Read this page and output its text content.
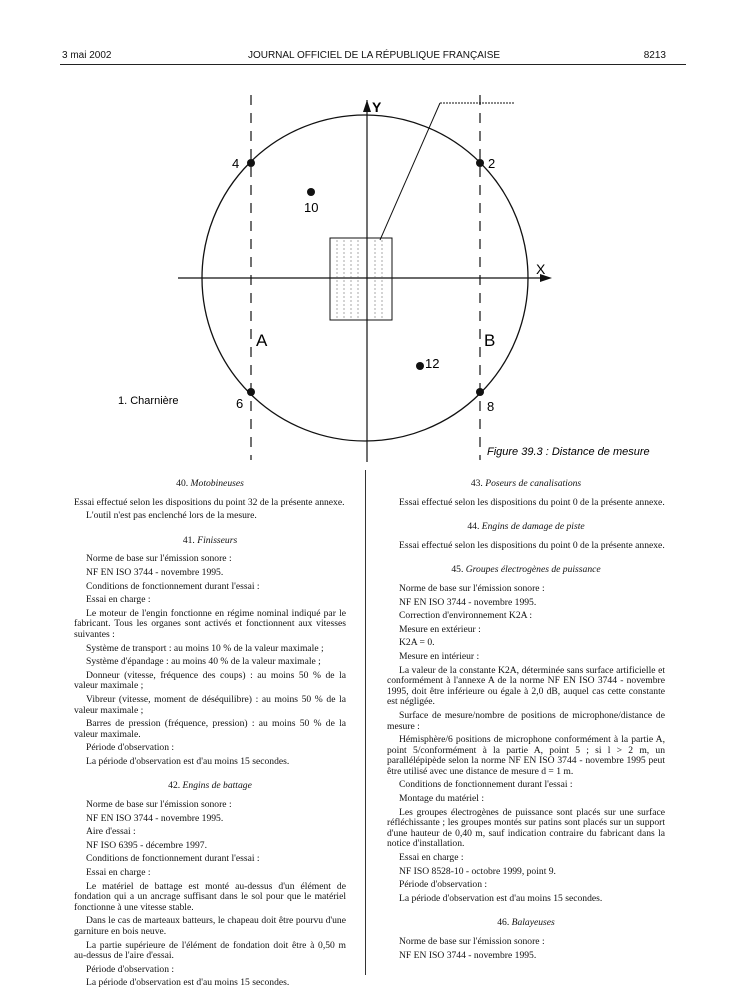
3 mai 2002	JOURNAL OFFICIEL DE LA RÉPUBLIQUE FRANÇAISE	8213
Y
X
4	2
10
6	8
12
A	B
1. Charnière
Figure 39.3 : Distance de mesure
40. Motobineuses

Essai effectué selon les dispositions du point 32 de la présente annexe.

L'outil n'est pas enclenché lors de la mesure.

41. Finisseurs

Norme de base sur l'émission sonore :

NF EN ISO 3744 - novembre 1995.

Conditions de fonctionnement durant l'essai :

Essai en charge :

Le moteur de l'engin fonctionne en régime nominal indiqué par le fabricant. Tous les organes sont activés et fonctionnent aux vitesses suivantes :

Système de transport : au moins 10 % de la valeur maximale ;

Système d'épandage : au moins 40 % de la valeur maximale ;

Donneur (vitesse, fréquence des coups) : au moins 50 % de la valeur maximale ;

Vibreur (vitesse, moment de déséquilibre) : au moins 50 % de la valeur maximale ;

Barres de pression (fréquence, pression) : au moins 50 % de la valeur maximale.

Période d'observation :

La période d'observation est d'au moins 15 secondes.

42. Engins de battage

Norme de base sur l'émission sonore :

NF EN ISO 3744 - novembre 1995.

Aire d'essai :

NF ISO 6395 - décembre 1997.

Conditions de fonctionnement durant l'essai :

Essai en charge :

Le matériel de battage est monté au-dessus d'un élément de fondation qui a un ancrage suffisant dans le sol pour que le matériel fonctionne à une vitesse stable.

Dans le cas de marteaux batteurs, le chapeau doit être pourvu d'une garniture en bois neuve.

La partie supérieure de l'élément de fondation doit être à 0,50 m au-dessus de l'aire d'essai.

Période d'observation :

La période d'observation est d'au moins 15 secondes.

43. Poseurs de canalisations

Essai effectué selon les dispositions du point 0 de la présente annexe.

44. Engins de damage de piste

Essai effectué selon les dispositions du point 0 de la présente annexe.

45. Groupes électrogènes de puissance

Norme de base sur l'émission sonore :

NF EN ISO 3744 - novembre 1995.

Correction d'environnement K2A :

Mesure en extérieur :

K2A = 0.

Mesure en intérieur :

La valeur de la constante K2A, déterminée sans surface artificielle et conformément à l'annexe A de la norme NF EN ISO 3744 - novembre 1995, doit être inférieure ou égale à 2,0 dB, auquel cas cette constante est négligée.

Surface de mesure/nombre de positions de microphone/distance de mesure :

Hémisphère/6 positions de microphone conformément à la partie A, point 5/conformément à la partie A, point 5 ; si l > 2 m, un parallélépipède selon la norme NF EN ISO 3744 - novembre 1995 peut être utilisé avec une distance de mesure d = 1 m.

Conditions de fonctionnement durant l'essai :

Montage du matériel :

Les groupes électrogènes de puissance sont placés sur une surface réfléchissante ; les groupes montés sur patins sont placés sur un support d'une hauteur de 0,40 m, sauf indication contraire du fabricant dans la notice d'installation.

Essai en charge :

NF ISO 8528-10 - octobre 1999, point 9.

Période d'observation :

La période d'observation est d'au moins 15 secondes.

46. Balayeuses

Norme de base sur l'émission sonore :

NF EN ISO 3744 - novembre 1995.
